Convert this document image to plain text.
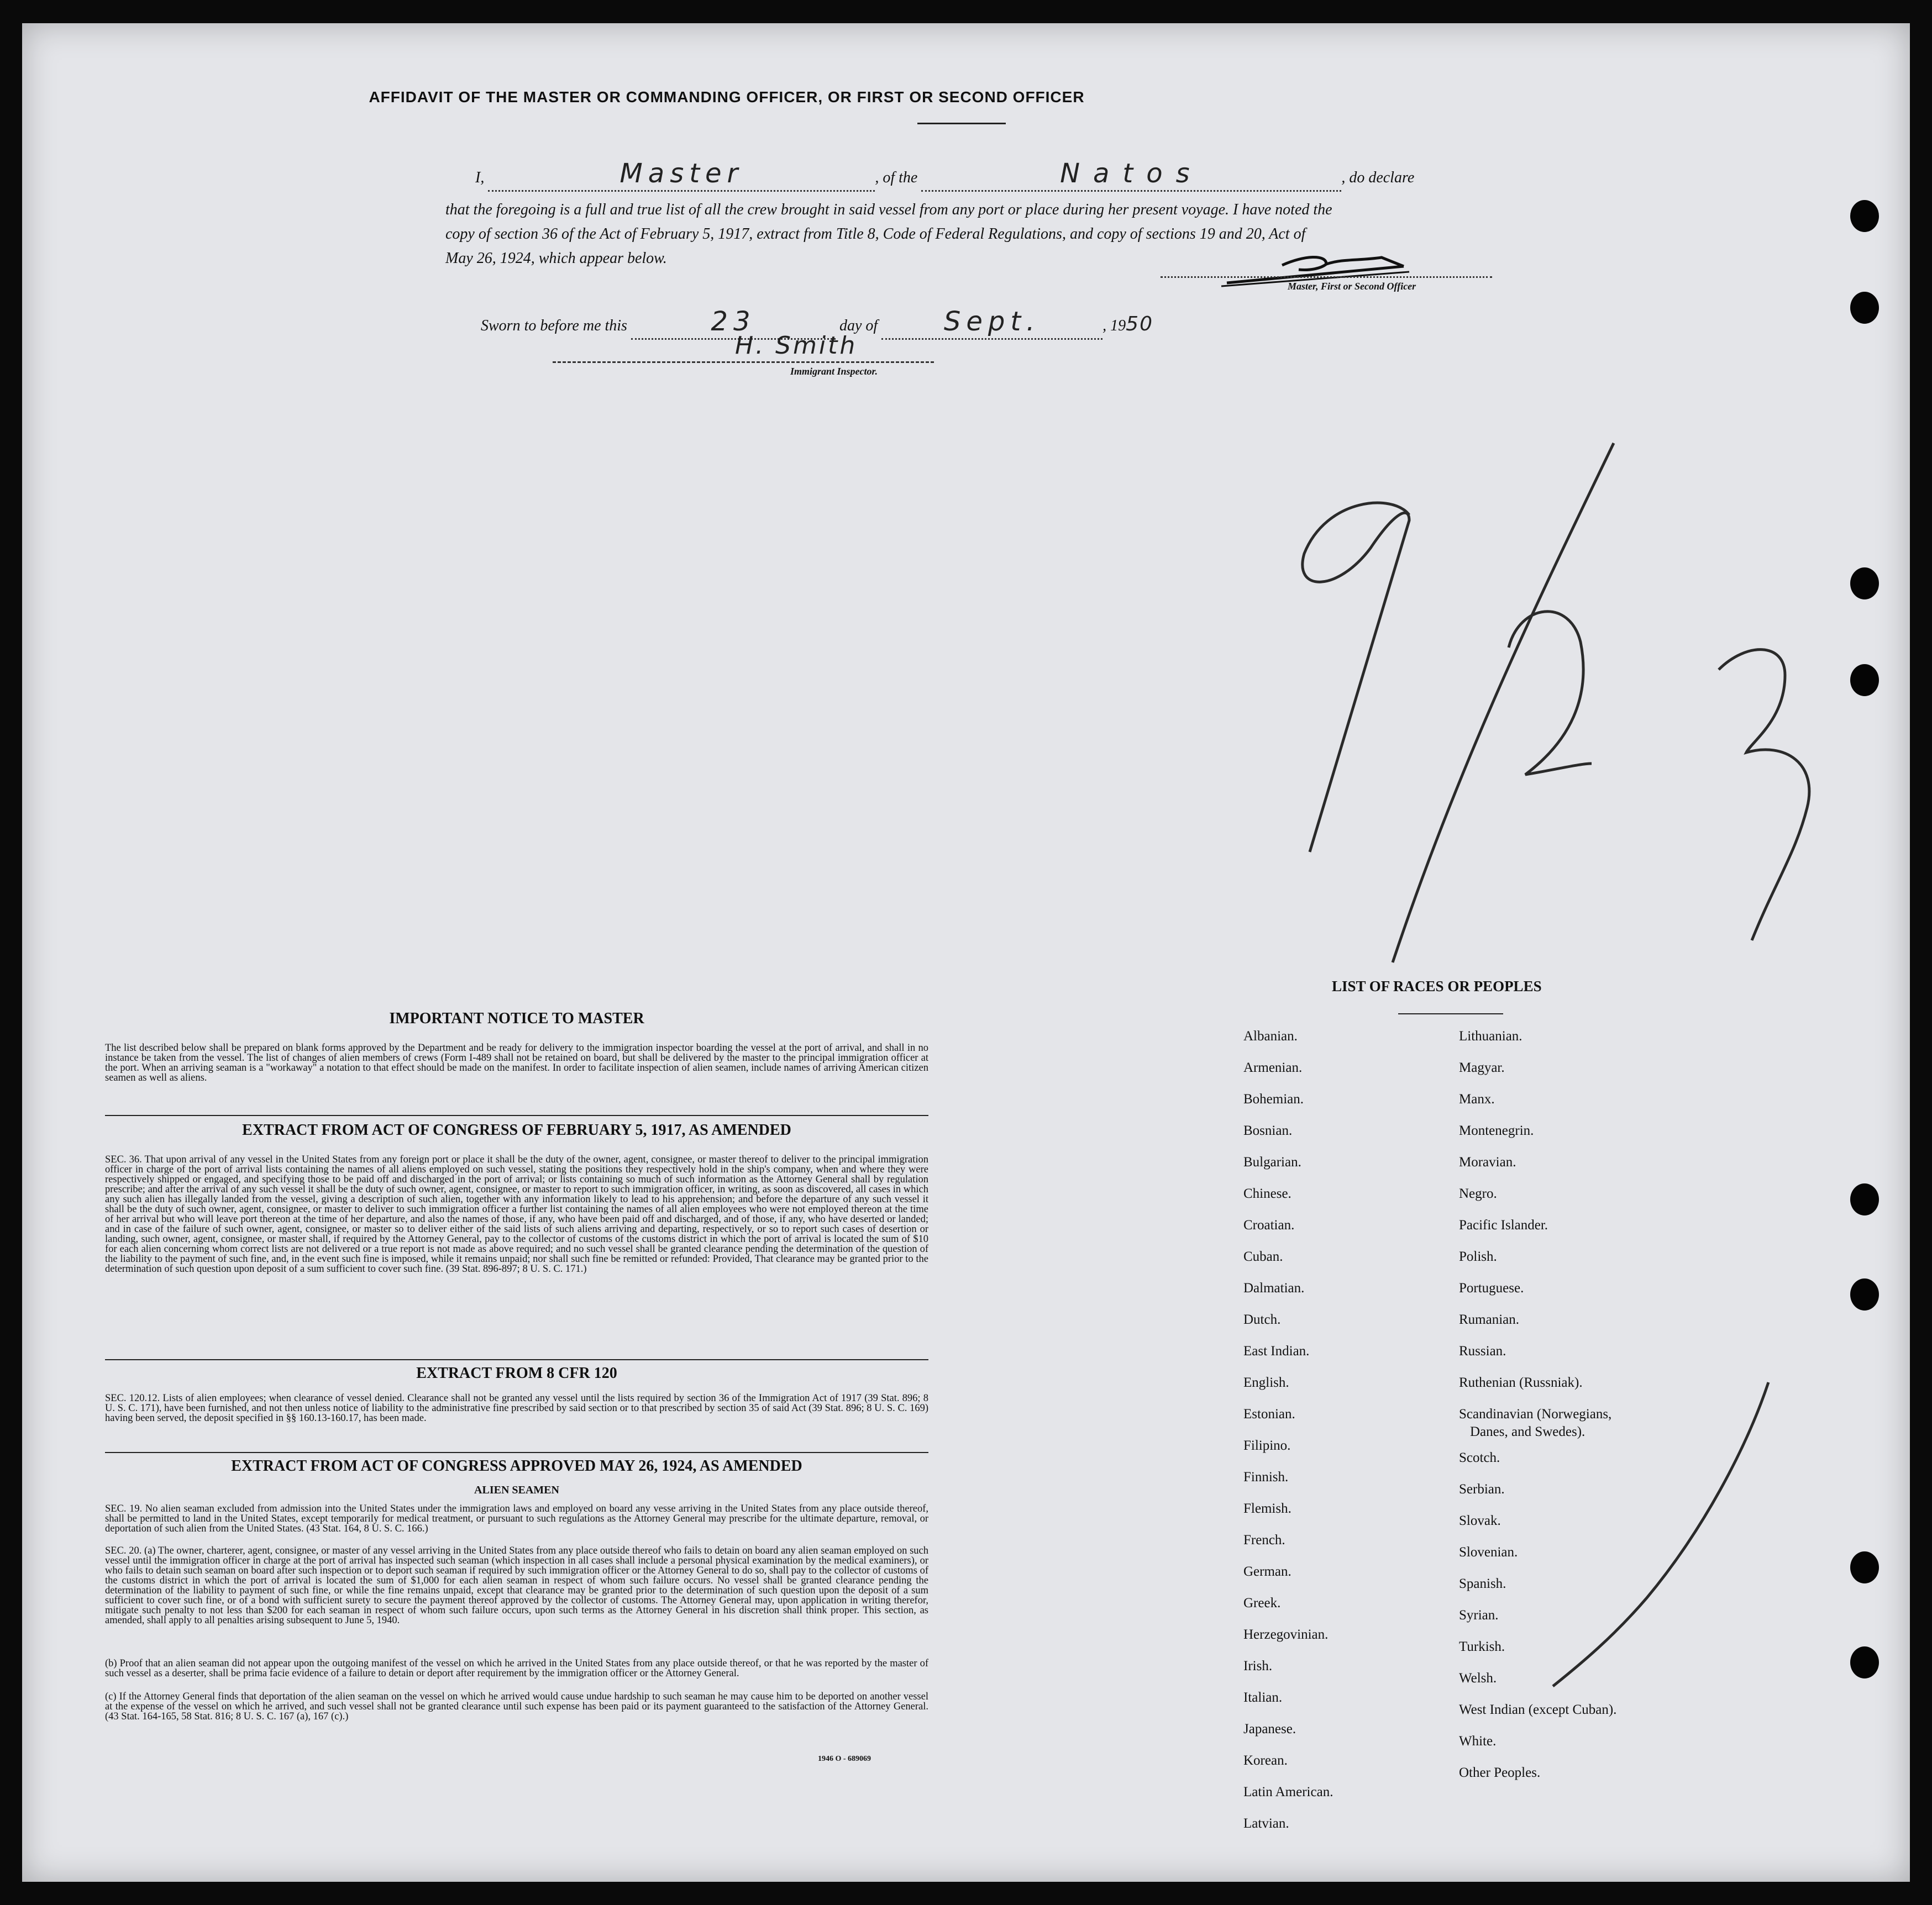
AFFIDAVIT OF THE MASTER OR COMMANDING OFFICER, OR FIRST OR SECOND OFFICER
I,	Master	, of the	Natos	, do declare
that the foregoing is a full and true list of all the crew brought in said vessel from any port or place during her present voyage. I have noted the
copy of section 36 of the Act of February 5, 1917, extract from Title 8, Code of Federal Regulations, and copy of sections 19 and 20, Act of
May 26, 1924, which appear below.
Master, First or Second Officer
Sworn to before me this	23	day of Sept.	, 1950
H. Smith
Immigrant Inspector.
IMPORTANT NOTICE TO MASTER
The list described below shall be prepared on blank forms approved by the Department and be ready for delivery to the immigration inspector boarding the vessel at the port of arrival, and shall in no instance be taken from the vessel. The list of changes of alien members of crews (Form I-489 shall not be retained on board, but shall be delivered by the master to the principal immigration officer at the port. When an arriving seaman is a "workaway" a notation to that effect should be made on the manifest. In order to facilitate inspection of alien seamen, include names of arriving American citizen seamen as well as aliens.
EXTRACT FROM ACT OF CONGRESS OF FEBRUARY 5, 1917, AS AMENDED
SEC. 36. That upon arrival of any vessel in the United States from any foreign port or place it shall be the duty of the owner, agent, consignee, or master thereof to deliver to the principal immigration officer in charge of the port of arrival lists containing the names of all aliens employed on such vessel, stating the positions they respectively hold in the ship's company, when and where they were respectively shipped or engaged, and specifying those to be paid off and discharged in the port of arrival; or lists containing so much of such information as the Attorney General shall by regulation prescribe; and after the arrival of any such vessel it shall be the duty of such owner, agent, consignee, or master to report to such immigration officer, in writing, as soon as discovered, all cases in which any such alien has illegally landed from the vessel, giving a description of such alien, together with any information likely to lead to his apprehension; and before the departure of any such vessel it shall be the duty of such owner, agent, consignee, or master to deliver to such immigration officer a further list containing the names of all alien employees who were not employed thereon at the time of her arrival but who will leave port thereon at the time of her departure, and also the names of those, if any, who have been paid off and discharged, and of those, if any, who have deserted or landed; and in case of the failure of such owner, agent, consignee, or master so to deliver either of the said lists of such aliens arriving and departing, respectively, or so to report such cases of desertion or landing, such owner, agent, consignee, or master shall, if required by the Attorney General, pay to the collector of customs of the customs district in which the port of arrival is located the sum of $10 for each alien concerning whom correct lists are not delivered or a true report is not made as above required; and no such vessel shall be granted clearance pending the determination of the question of the liability to the payment of such fine, and, in the event such fine is imposed, while it remains unpaid; nor shall such fine be remitted or refunded: Provided, That clearance may be granted prior to the determination of such question upon deposit of a sum sufficient to cover such fine. (39 Stat. 896-897; 8 U. S. C. 171.)
EXTRACT FROM 8 CFR 120
SEC. 120.12. Lists of alien employees; when clearance of vessel denied. Clearance shall not be granted any vessel until the lists required by section 36 of the Immigration Act of 1917 (39 Stat. 896; 8 U. S. C. 171), have been furnished, and not then unless notice of liability to the administrative fine prescribed by said section or to that prescribed by section 35 of said Act (39 Stat. 896; 8 U. S. C. 169) having been served, the deposit specified in §§ 160.13-160.17, has been made.
EXTRACT FROM ACT OF CONGRESS APPROVED MAY 26, 1924, AS AMENDED
ALIEN SEAMEN
SEC. 19. No alien seaman excluded from admission into the United States under the immigration laws and employed on board any vesse arriving in the United States from any place outside thereof, shall be permitted to land in the United States, except temporarily for medical treatment, or pursuant to such regulations as the Attorney General may prescribe for the ultimate departure, removal, or deportation of such alien from the United States. (43 Stat. 164, 8 U. S. C. 166.)
SEC. 20. (a) The owner, charterer, agent, consignee, or master of any vessel arriving in the United States from any place outside thereof who fails to detain on board any alien seaman employed on such vessel until the immigration officer in charge at the port of arrival has inspected such seaman (which inspection in all cases shall include a personal physical examination by the medical examiners), or who fails to detain such seaman on board after such inspection or to deport such seaman if required by such immigration officer or the Attorney General to do so, shall pay to the collector of customs of the customs district in which the port of arrival is located the sum of $1,000 for each alien seaman in respect of whom such failure occurs. No vessel shall be granted clearance pending the determination of the liability to payment of such fine, or while the fine remains unpaid, except that clearance may be granted prior to the determination of such question upon the deposit of a sum sufficient to cover such fine, or of a bond with sufficient surety to secure the payment thereof approved by the collector of customs. The Attorney General may, upon application in writing therefor, mitigate such penalty to not less than $200 for each seaman in respect of whom such failure occurs, upon such terms as the Attorney General in his discretion shall think proper. This section, as amended, shall apply to all penalties arising subsequent to June 5, 1940.
(b) Proof that an alien seaman did not appear upon the outgoing manifest of the vessel on which he arrived in the United States from any place outside thereof, or that he was reported by the master of such vessel as a deserter, shall be prima facie evidence of a failure to detain or deport after requirement by the immigration officer or the Attorney General.
(c) If the Attorney General finds that deportation of the alien seaman on the vessel on which he arrived would cause undue hardship to such seaman he may cause him to be deported on another vessel at the expense of the vessel on which he arrived, and such vessel shall not be granted clearance until such expense has been paid or its payment guaranteed to the satisfaction of the Attorney General. (43 Stat. 164-165, 58 Stat. 816; 8 U. S. C. 167 (a), 167 (c).)
1946 O - 689069
LIST OF RACES OR PEOPLES
Danes, and Swedes).
Albanian.
Armenian.
Bohemian.
Bosnian.
Bulgarian.
Chinese.
Croatian.
Cuban.
Dalmatian.
Dutch.
East Indian.
English.
Estonian.
Filipino.
Finnish.
Flemish.
French.
German.
Greek.
Herzegovinian.
Irish.
Italian.
Japanese.
Korean.
Latin American.
Latvian.
Lithuanian.
Magyar.
Manx.
Montenegrin.
Moravian.
Negro.
Pacific Islander.
Polish.
Portuguese.
Rumanian.
Russian.
Ruthenian (Russniak).
Scandinavian (Norwegians,
Scotch.
Serbian.
Slovak.
Slovenian.
Spanish.
Syrian.
Turkish.
Welsh.
West Indian (except Cuban).
White.
Other Peoples.
